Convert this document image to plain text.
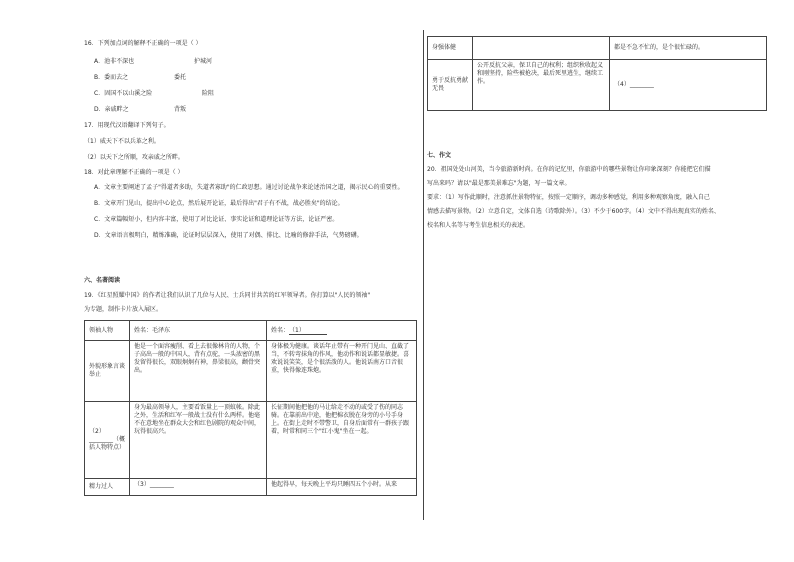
16．下列加点词的解释不正确的一项是（ ）
A．池非不深也	护城河
B．委而去之	委托
C．固国不以山溪之险	险阻
D．亲戚畔之	背叛
17．用现代汉语翻译下列句子。
（1）威天下不以兵革之利。
（2）以天下之所顺，攻亲戚之所畔。
18．对此章理解不正确的一项是（ ）
A．文章主要阐述了孟子"得道者多助，失道者寡助"的仁政思想。通过讨论战争来论述治国之道，揭示民心的重要性。
B．文章开门见山，提出中心论点，然后展开论证，最后得出"君子有不战，战必胜矣"的结论。
C．文章篇幅短小，但内容丰富，使用了对比论证、事实论证和道理论证等方法，论证严密。
D．文章语言极明白，精炼准确，论证时层层深入，使用了对偶、排比、比喻的修辞手法，气势磅礴。
六、名著阅读
19．《红星照耀中国》的作者让我们认识了几位与人民、士兵同甘共苦的红军领导者。你打算以"人民的领袖"
为专题，制作卡片放入展区。
领袖人物	姓名：毛泽东	姓名：（1）
外貌形象言谈举止	他是一个面容瘦削、看上去很像林肯的人物，个子高出一般的中国人，背有点驼，一头浓密的黑发留得很长，双眼炯炯有神，鼻梁很高，颧骨突出。	身体极为健康。谈话年止带有一种开门见山、直截了当，不转弯抹角的作风，他动作和说话都显敏捷。喜欢说说笑笑，是个很活泼的人。他说话南方口音很重，快得像连珠炮。
（2）________（概括人物特点）	身为最高领导人，主要看饭量上一顶蚊帐。除此之外，生活和红军一般战士没有什么两样。他毫不在意地坐在群众大会和红色剧院的观众中间，玩得很高兴。	长征期间他把他的马让给走不动的或受了伤的同志骑。在靠前出中途，他把棉衣脱在身旁的小号手身上。在街上走时不带警卫，自身后面常有一群孩子跟着，时常和同三个"红小鬼"坐在一起。
精力过人	（3）________	他起得早，每天晚上平均只睡四五个小时。从来
身强体健		都是不急不忙的，是个很忙碌的。
勇于反抗勇献无畏	公开反抗父亲，保卫自己的权利；组织秋收起义和刚坚持，险些被抢决，最后死里逃生，继续工作。	（4）________
七、作文
20．祖国处处山河美，当今旅游新时尚。在你的记忆里，你旅游中的哪些景物让你印象深刻？你能把它们描
写出来吗？请以"最是那美景难忘"为题，写一篇文章。
要求：（1）写作此顺时，注意抓住景物特征，按照一定顺序，调动多种感觉，利用多种观察角度，融入自己
情感去描写景物。（2）立意自定，文体自选（诗歌除外）。（3）不少于600字。（4）文中不得出现真实的姓名、
校名和人名等与考生信息相关的表述。
